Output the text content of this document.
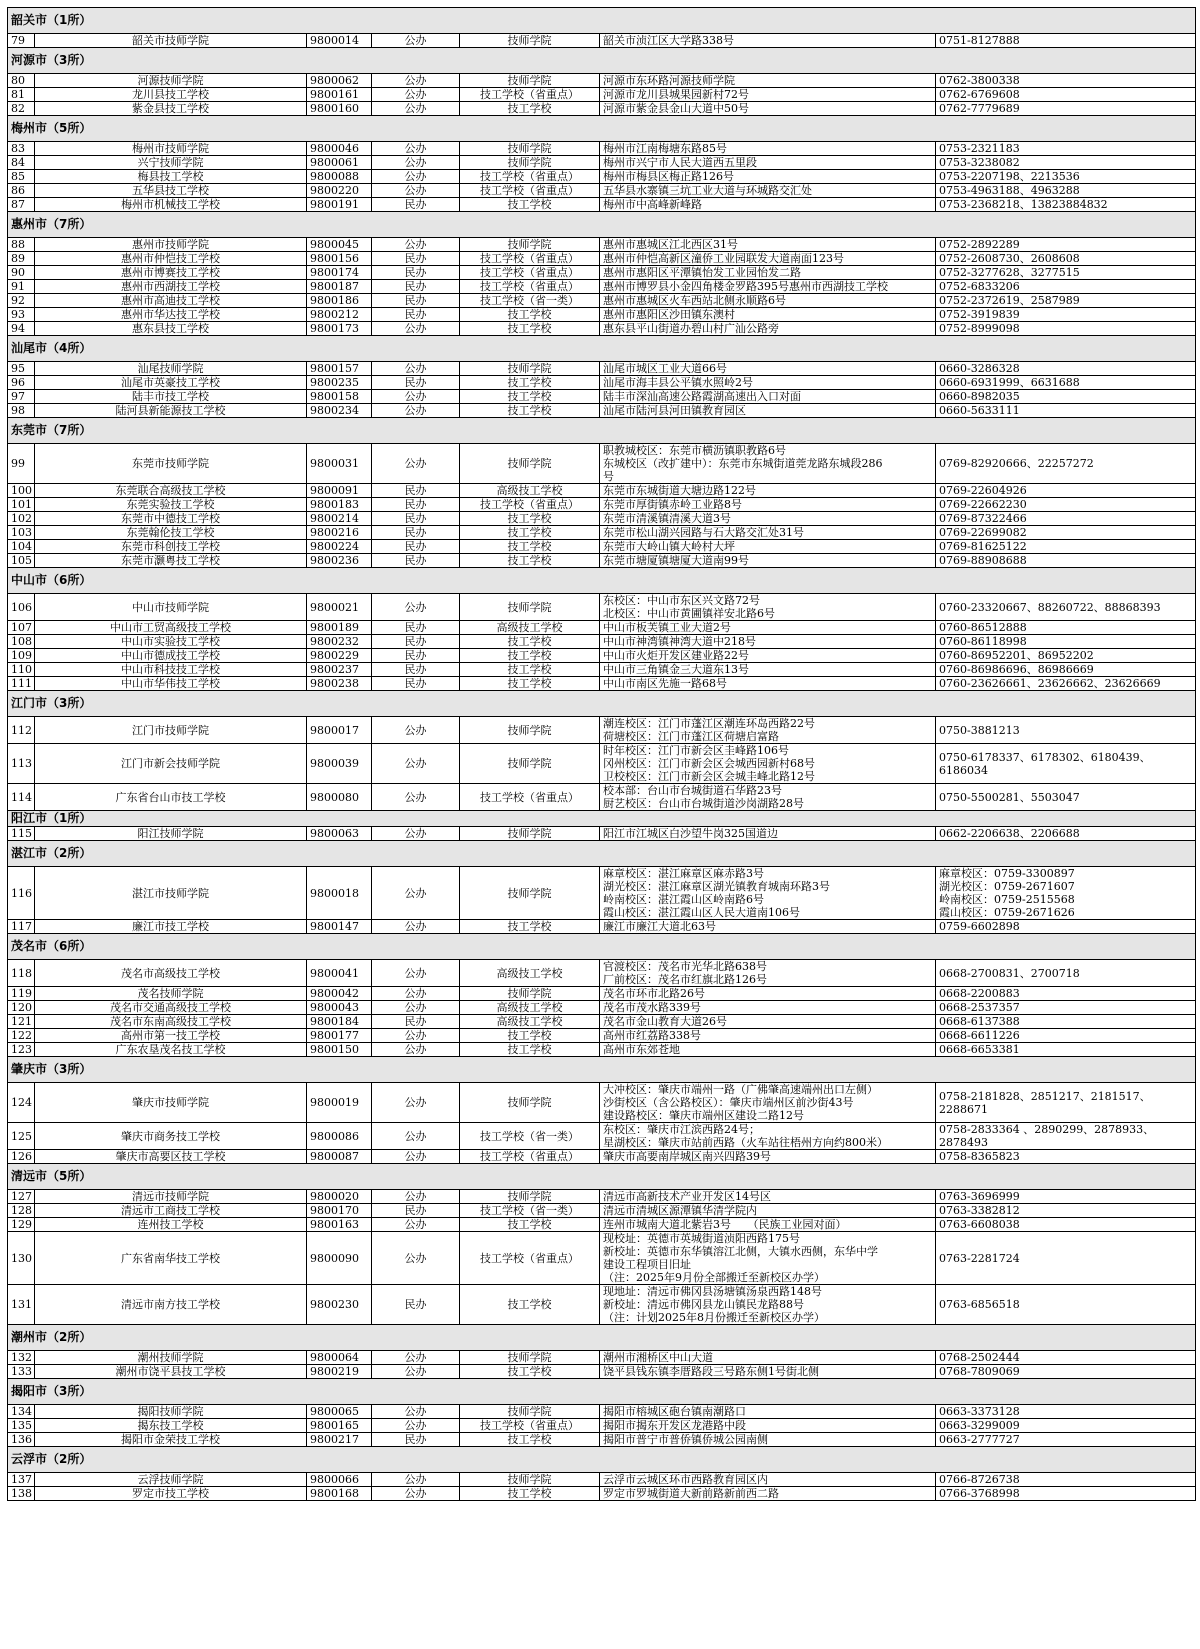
韶关市（1所）						
79	韶关市技师学院	9800014	公办	技师学院	韶关市浈江区大学路338号	0751-8127888

河源市（3所）						
80	河源技师学院	9800062	公办	技师学院	河源市东环路河源技师学院	0762-3800338

81	龙川县技工学校	9800161	公办	技工学校（省重点）	河源市龙川县城果园新村72号	0762-6769608

82	紫金县技工学校	9800160	公办	技工学校	河源市紫金县金山大道中50号	0762-7779689

梅州市（5所）						
83	梅州市技师学院	9800046	公办	技师学院	梅州市江南梅塘东路85号	0753-2321183

84	兴宁技师学院	9800061	公办	技师学院	梅州市兴宁市人民大道西五里段	0753-3238082

85	梅县技工学校	9800088	公办	技工学校（省重点）	梅州市梅县区梅正路126号	0753-2207198、2213536

86	五华县技工学校	9800220	公办	技工学校（省重点）	五华县水寨镇三坑工业大道与环城路交汇处	0753-4963188、4963288

87	梅州市机械技工学校	9800191	民办	技工学校	梅州市中高峰新峰路	0753-2368218、13823884832

惠州市（7所）						
88	惠州市技师学院	9800045	公办	技师学院	惠州市惠城区江北西区31号	0752-2892289

89	惠州市仲恺技工学校	9800156	民办	技工学校（省重点）	惠州市仲恺高新区潼侨工业园联发大道南面123号	0752-2608730、2608608

90	惠州市博赛技工学校	9800174	民办	技工学校（省重点）	惠州市惠阳区平潭镇怡发工业园怡发二路	0752-3277628、3277515

91	惠州市西湖技工学校	9800187	民办	技工学校（省重点）	惠州市博罗县小金四角楼金罗路395号惠州市西湖技工学校	0752-6833206

92	惠州市高迪技工学校	9800186	民办	技工学校（省一类）	惠州市惠城区火车西站北侧永顺路6号	0752-2372619、2587989

93	惠州市华达技工学校	9800212	民办	技工学校	惠州市惠阳区沙田镇东澳村	0752-3919839

94	惠东县技工学校	9800173	公办	技工学校	惠东县平山街道办碧山村广汕公路旁	0752-8999098

汕尾市（4所）						
95	汕尾技师学院	9800157	公办	技师学院	汕尾市城区工业大道66号	0660-3286328

96	汕尾市英豪技工学校	9800235	民办	技工学校	汕尾市海丰县公平镇水照岭2号	0660-6931999、6631688

97	陆丰市技工学校	9800158	公办	技工学校	陆丰市深汕高速公路霞湖高速出入口对面	0660-8982035

98	陆河县新能源技工学校	9800234	公办	技工学校	汕尾市陆河县河田镇教育园区	0660-5633111

东莞市（7所）						
99	东莞市技师学院	9800031	公办	技师学院	职教城校区：东莞市横沥镇职教路6号
东城校区（改扩建中）：东莞市东城街道莞龙路东城段286
号	0769-82920666、22257272

100	东莞联合高级技工学校	9800091	民办	高级技工学校	东莞市东城街道大塘边路122号	0769-22604926

101	东莞实验技工学校	9800183	民办	技工学校（省重点）	东莞市厚街镇赤岭工业路8号	0769-22662230

102	东莞市中德技工学校	9800214	民办	技工学校	东莞市清溪镇清溪大道3号	0769-87322466

103	东莞翰伦技工学校	9800216	民办	技工学校	东莞市松山湖兴园路与石大路交汇处31号	0769-22699082

104	东莞市科创技工学校	9800224	民办	技工学校	东莞市大岭山镇大岭村大坪	0769-81625122

105	东莞市灏粤技工学校	9800236	民办	技工学校	东莞市塘厦镇塘厦大道南99号	0769-88908688

中山市（6所）						
106	中山市技师学院	9800021	公办	技师学院	东校区：中山市东区兴文路72号
北校区：中山市黄圃镇祥安北路6号	0760-23320667、88260722、88868393

107	中山市工贸高级技工学校	9800189	民办	高级技工学校	中山市板芙镇工业大道2号	0760-86512888

108	中山市实验技工学校	9800232	民办	技工学校	中山市神湾镇神湾大道中218号	0760-86118998

109	中山市德成技工学校	9800229	民办	技工学校	中山市火炬开发区建业路22号	0760-86952201、86952202

110	中山市科技技工学校	9800237	民办	技工学校	中山市三角镇金三大道东13号	0760-86986696、86986669

111	中山市华伟技工学校	9800238	民办	技工学校	中山市南区先施一路68号	0760-23626661、23626662、23626669

江门市（3所）						
112	江门市技师学院	9800017	公办	技师学院	潮连校区：江门市蓬江区潮连环岛西路22号
荷塘校区：江门市蓬江区荷塘启富路	0750-3881213

113	江门市新会技师学院	9800039	公办	技师学院	时年校区：江门市新会区圭峰路106号
冈州校区：江门市新会区会城西园新村68号
卫校校区：江门市新会区会城圭峰北路12号	0750-6178337、6178302、6180439、
6186034

114	广东省台山市技工学校	9800080	公办	技工学校（省重点）	校本部：台山市台城街道石华路23号
厨艺校区：台山市台城街道沙岗湖路28号	0750-5500281、5503047

阳江市（1所）						
115	阳江技师学院	9800063	公办	技师学院	阳江市江城区白沙望牛岗325国道边	0662-2206638、2206688

湛江市（2所）						
116	湛江市技师学院	9800018	公办	技师学院	麻章校区：湛江麻章区麻赤路3号
湖光校区：湛江麻章区湖光镇教育城南环路3号
岭南校区：湛江霞山区岭南路6号
霞山校区：湛江霞山区人民大道南106号	麻章校区：0759-3300897
湖光校区：0759-2671607
岭南校区：0759-2515568
霞山校区：0759-2671626

117	廉江市技工学校	9800147	公办	技工学校	廉江市廉江大道北63号	0759-6602898

茂名市（6所）						
118	茂名市高级技工学校	9800041	公办	高级技工学校	官渡校区：茂名市光华北路638号
厂前校区：茂名市红旗北路126号	0668-2700831、2700718

119	茂名技师学院	9800042	公办	技师学院	茂名市环市北路26号	0668-2200883

120	茂名市交通高级技工学校	9800043	公办	高级技工学校	茂名市茂水路339号	0668-2537357

121	茂名市东南高级技工学校	9800184	民办	高级技工学校	茂名市金山教育大道26号	0668-6137388

122	高州市第一技工学校	9800177	公办	技工学校	高州市红荔路338号	0668-6611226

123	广东农垦茂名技工学校	9800150	公办	技工学校	高州市东郊苍地	0668-6653381

肇庆市（3所）						
124	肇庆市技师学院	9800019	公办	技师学院	大冲校区：肇庆市端州一路（广佛肇高速端州出口左侧）
沙街校区（含公路校区）：肇庆市端州区前沙街43号
建设路校区：肇庆市端州区建设二路12号	0758-2181828、2851217、2181517、
2288671

125	肇庆市商务技工学校	9800086	公办	技工学校（省一类）	东校区：肇庆市江滨西路24号；
星湖校区：肇庆市站前西路（火车站往梧州方向约800米）	0758-2833364 、2890299、2878933、
2878493

126	肇庆市高要区技工学校	9800087	公办	技工学校（省重点）	肇庆市高要南岸城区南兴四路39号	0758-8365823

清远市（5所）						
127	清远市技师学院	9800020	公办	技师学院	清远市高新技术产业开发区14号区	0763-3696999

128	清远市工商技工学校	9800170	民办	技工学校（省一类）	清远市清城区源潭镇华清学院内	0763-3382812

129	连州技工学校	9800163	公办	技工学校	连州市城南大道北紫岩3号　　（民族工业园对面）	0763-6608038

130	广东省南华技工学校	9800090	公办	技工学校（省重点）	现校址：英德市英城街道浈阳西路175号
新校址：英德市东华镇溶江北侧，大镇水西侧，东华中学
建设工程项目旧址
（注：2025年9月份全部搬迁至新校区办学）	0763-2281724

131	清远市南方技工学校	9800230	民办	技工学校	现地址：清远市佛冈县汤塘镇汤泉西路148号
新校址：清远市佛冈县龙山镇民龙路88号
（注：计划2025年8月份搬迁至新校区办学）	0763-6856518

潮州市（2所）						
132	潮州技师学院	9800064	公办	技师学院	潮州市湘桥区中山大道	0768-2502444

133	潮州市饶平县技工学校	9800219	公办	技工学校	饶平县钱东镇李厝路段三号路东侧1号街北侧	0768-7809069

揭阳市（3所）						
134	揭阳技师学院	9800065	公办	技师学院	揭阳市榕城区砲台镇南潮路口	0663-3373128

135	揭东技工学校	9800165	公办	技工学校（省重点）	揭阳市揭东开发区龙港路中段	0663-3299009

136	揭阳市金荣技工学校	9800217	民办	技工学校	揭阳市普宁市普侨镇侨城公园南侧	0663-2777727

云浮市（2所）						
137	云浮技师学院	9800066	公办	技师学院	云浮市云城区环市西路教育园区内	0766-8726738

138	罗定市技工学校	9800168	公办	技工学校	罗定市罗城街道大新前路新前西二路	0766-3768998
